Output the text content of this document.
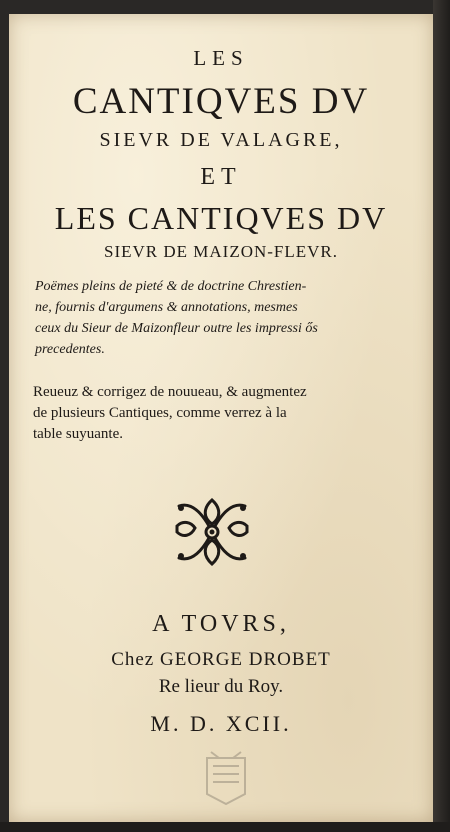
LES
CANTIQVES DV
SIEVR DE VALAGRE,
ET
LES CANTIQVES DV
SIEVR DE MAIZON-FLEVR.
Poëmes pleins de pieté & de doctrine Chrestien-
ne, fournis d'argumens & annotations, mesmes
ceux du Sieur de Maizonfleur outre les impressi ős
precedentes.
Reueuz & corrigez de nouueau, & augmentez
de plusieurs Cantiques, comme verrez à la
table suyuante.
A TOVRS,
Chez GEORGE DROBET
Re lieur du Roy.
M. D. XCII.
